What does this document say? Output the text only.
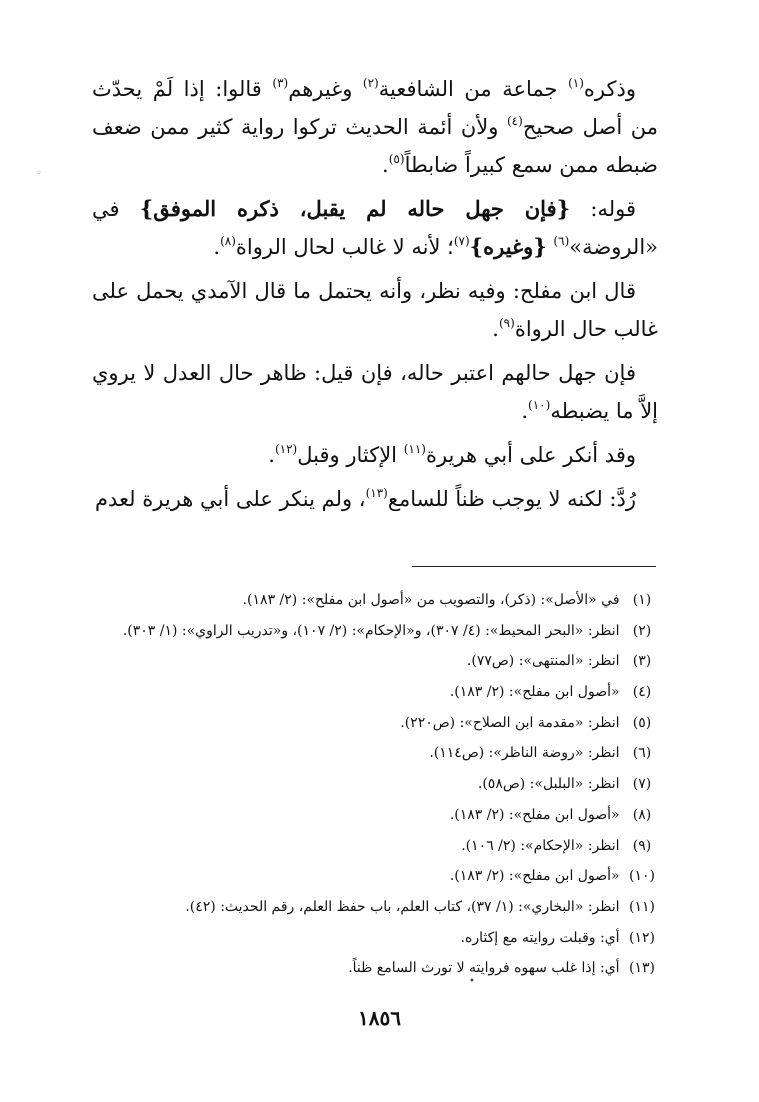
وذكره$^{(١)}$ جماعة من الشافعية$^{(٢)}$ وغيرهم$^{(٣)}$ قالوا: إذا لَمْ يحدّث من أصل صحيح$^{(٤)}$ ولأن أئمة الحديث تركوا رواية كثير ممن ضعف ضبطه ممن سمع كبيراً ضابطاً$^{(٥)}$.

قوله: {فإن جهل حاله لم يقبل، ذكره الموفق} في «الروضة»$^{(٦)}$ {وغيره}$^{(٧)}$؛ لأنه لا غالب لحال الرواة$^{(٨)}$.

قال ابن مفلح: وفيه نظر، وأنه يحتمل ما قال الآمدي يحمل على غالب حال الرواة$^{(٩)}$.

فإن جهل حالهم اعتبر حاله، فإن قيل: ظاهر حال العدل لا يروي إلاَّ ما يضبطه$^{(١٠)}$.

وقد أنكر على أبي هريرة$^{(١١)}$ الإكثار وقبل$^{(١٢)}$.

رُدَّ: لكنه لا يوجب ظناً للسامع$^{(١٣)}$، ولم ينكر على أبي هريرة لعدم

(١) في «الأصل»: (ذكر)، والتصويب من «أصول ابن مفلح»: (٢/ ١٨٣).
(٢) انظر: «البحر المحيط»: (٤/ ٣٠٧)، و«الإحكام»: (٢/ ١٠٧)، و«تدريب الراوي»: (١/ ٣٠٣).
(٣) انظر: «المنتهى»: (ص٧٧).
(٤) «أصول ابن مفلح»: (٢/ ١٨٣).
(٥) انظر: «مقدمة ابن الصلاح»: (ص٢٢٠).
(٦) انظر: «روضة الناظر»: (ص١١٤).
(٧) انظر: «البلبل»: (ص٥٨).
(٨) «أصول ابن مفلح»: (٢/ ١٨٣).
(٩) انظر: «الإحكام»: (٢/ ١٠٦).
(١٠) «أصول ابن مفلح»: (٢/ ١٨٣).
(١١) انظر: «البخاري»: (١/ ٣٧)، كتاب العلم، باب حفظ العلم، رقم الحديث: (٤٢).
(١٢) أي: وقبلت روايته مع إكثاره.
(١٣) أي: إذا غلب سهوه فروايته لا تورث السامع ظناً.
◦
•
١٨٥٦
